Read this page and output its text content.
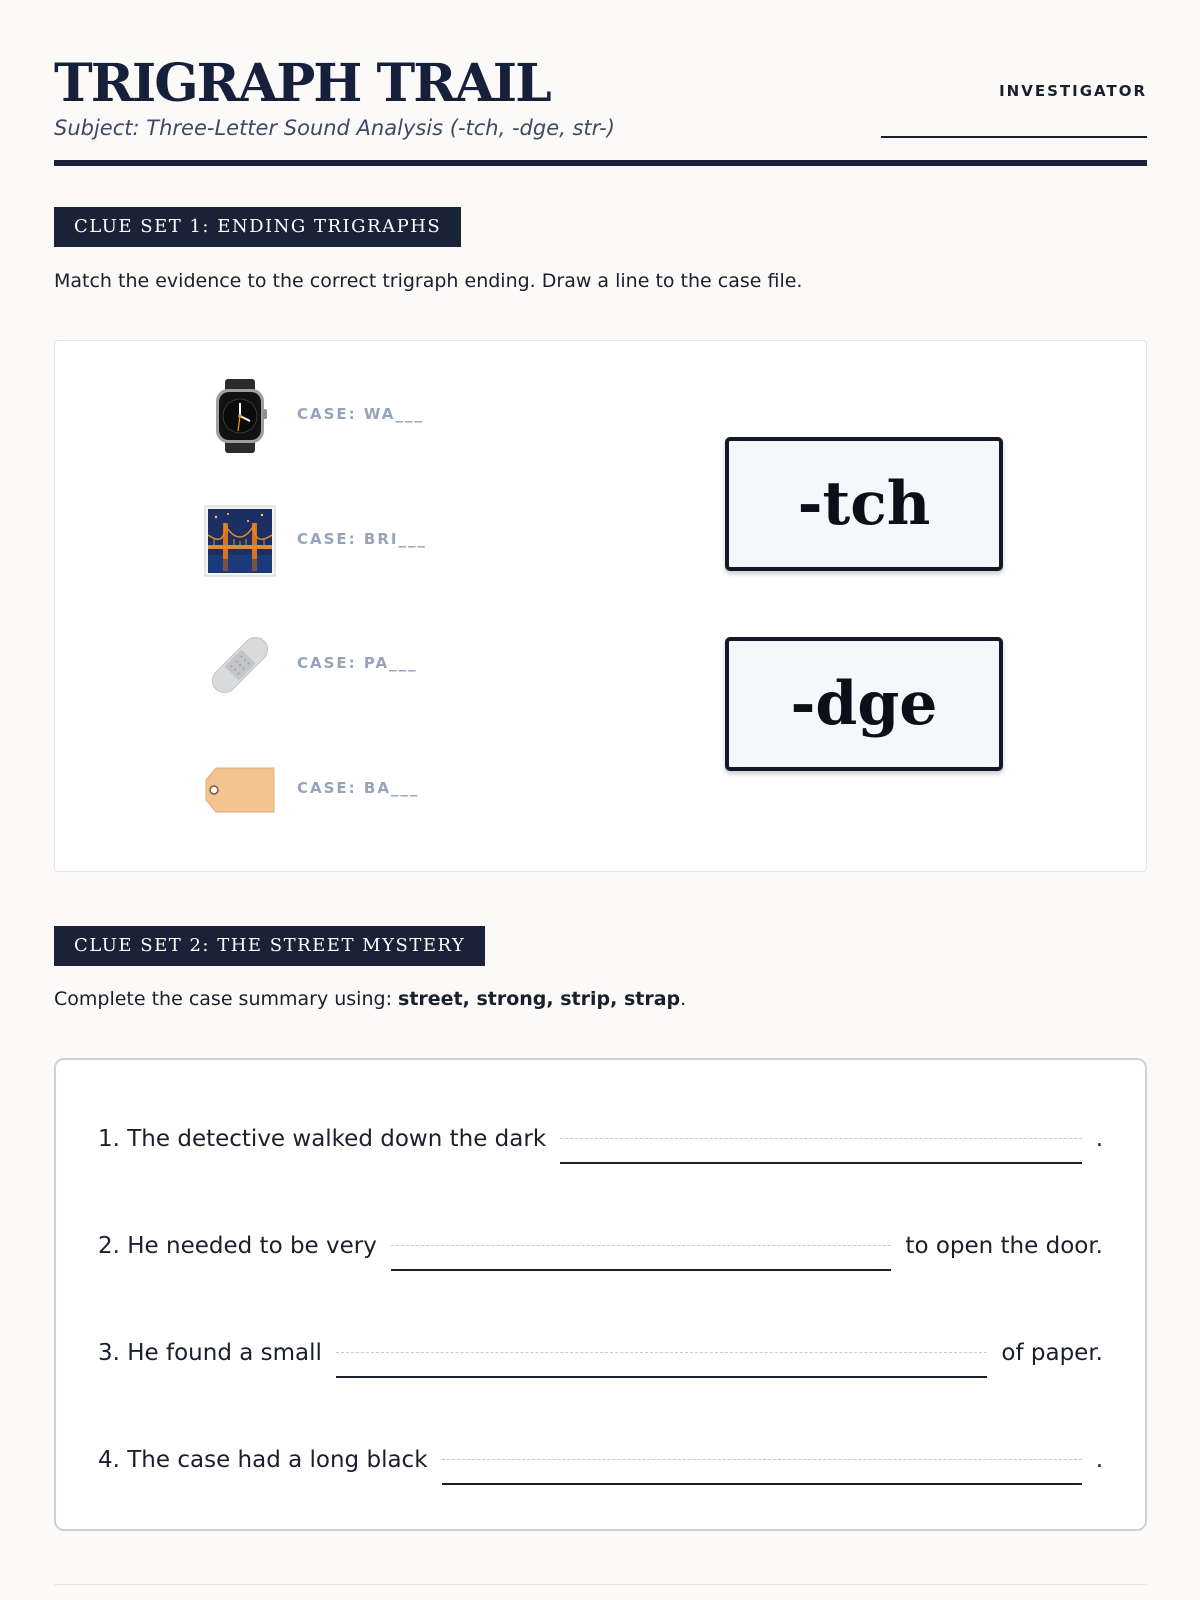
TRIGRAPH TRAIL
Subject: Three-Letter Sound Analysis (-tch, -dge, str-)
INVESTIGATOR
CLUE SET 1: ENDING TRIGRAPHS
Match the evidence to the correct trigraph ending. Draw a line to the case file.
CASE: WA___
CASE: BRI___
CASE: PA___
CASE: BA___
-tch
-dge
CLUE SET 2: THE STREET MYSTERY
Complete the case summary using: street, strong, strip, strap.
1. The detective walked down the dark	.
2. He needed to be very	to open the door.
3. He found a small	of paper.
4. The case had a long black	.
